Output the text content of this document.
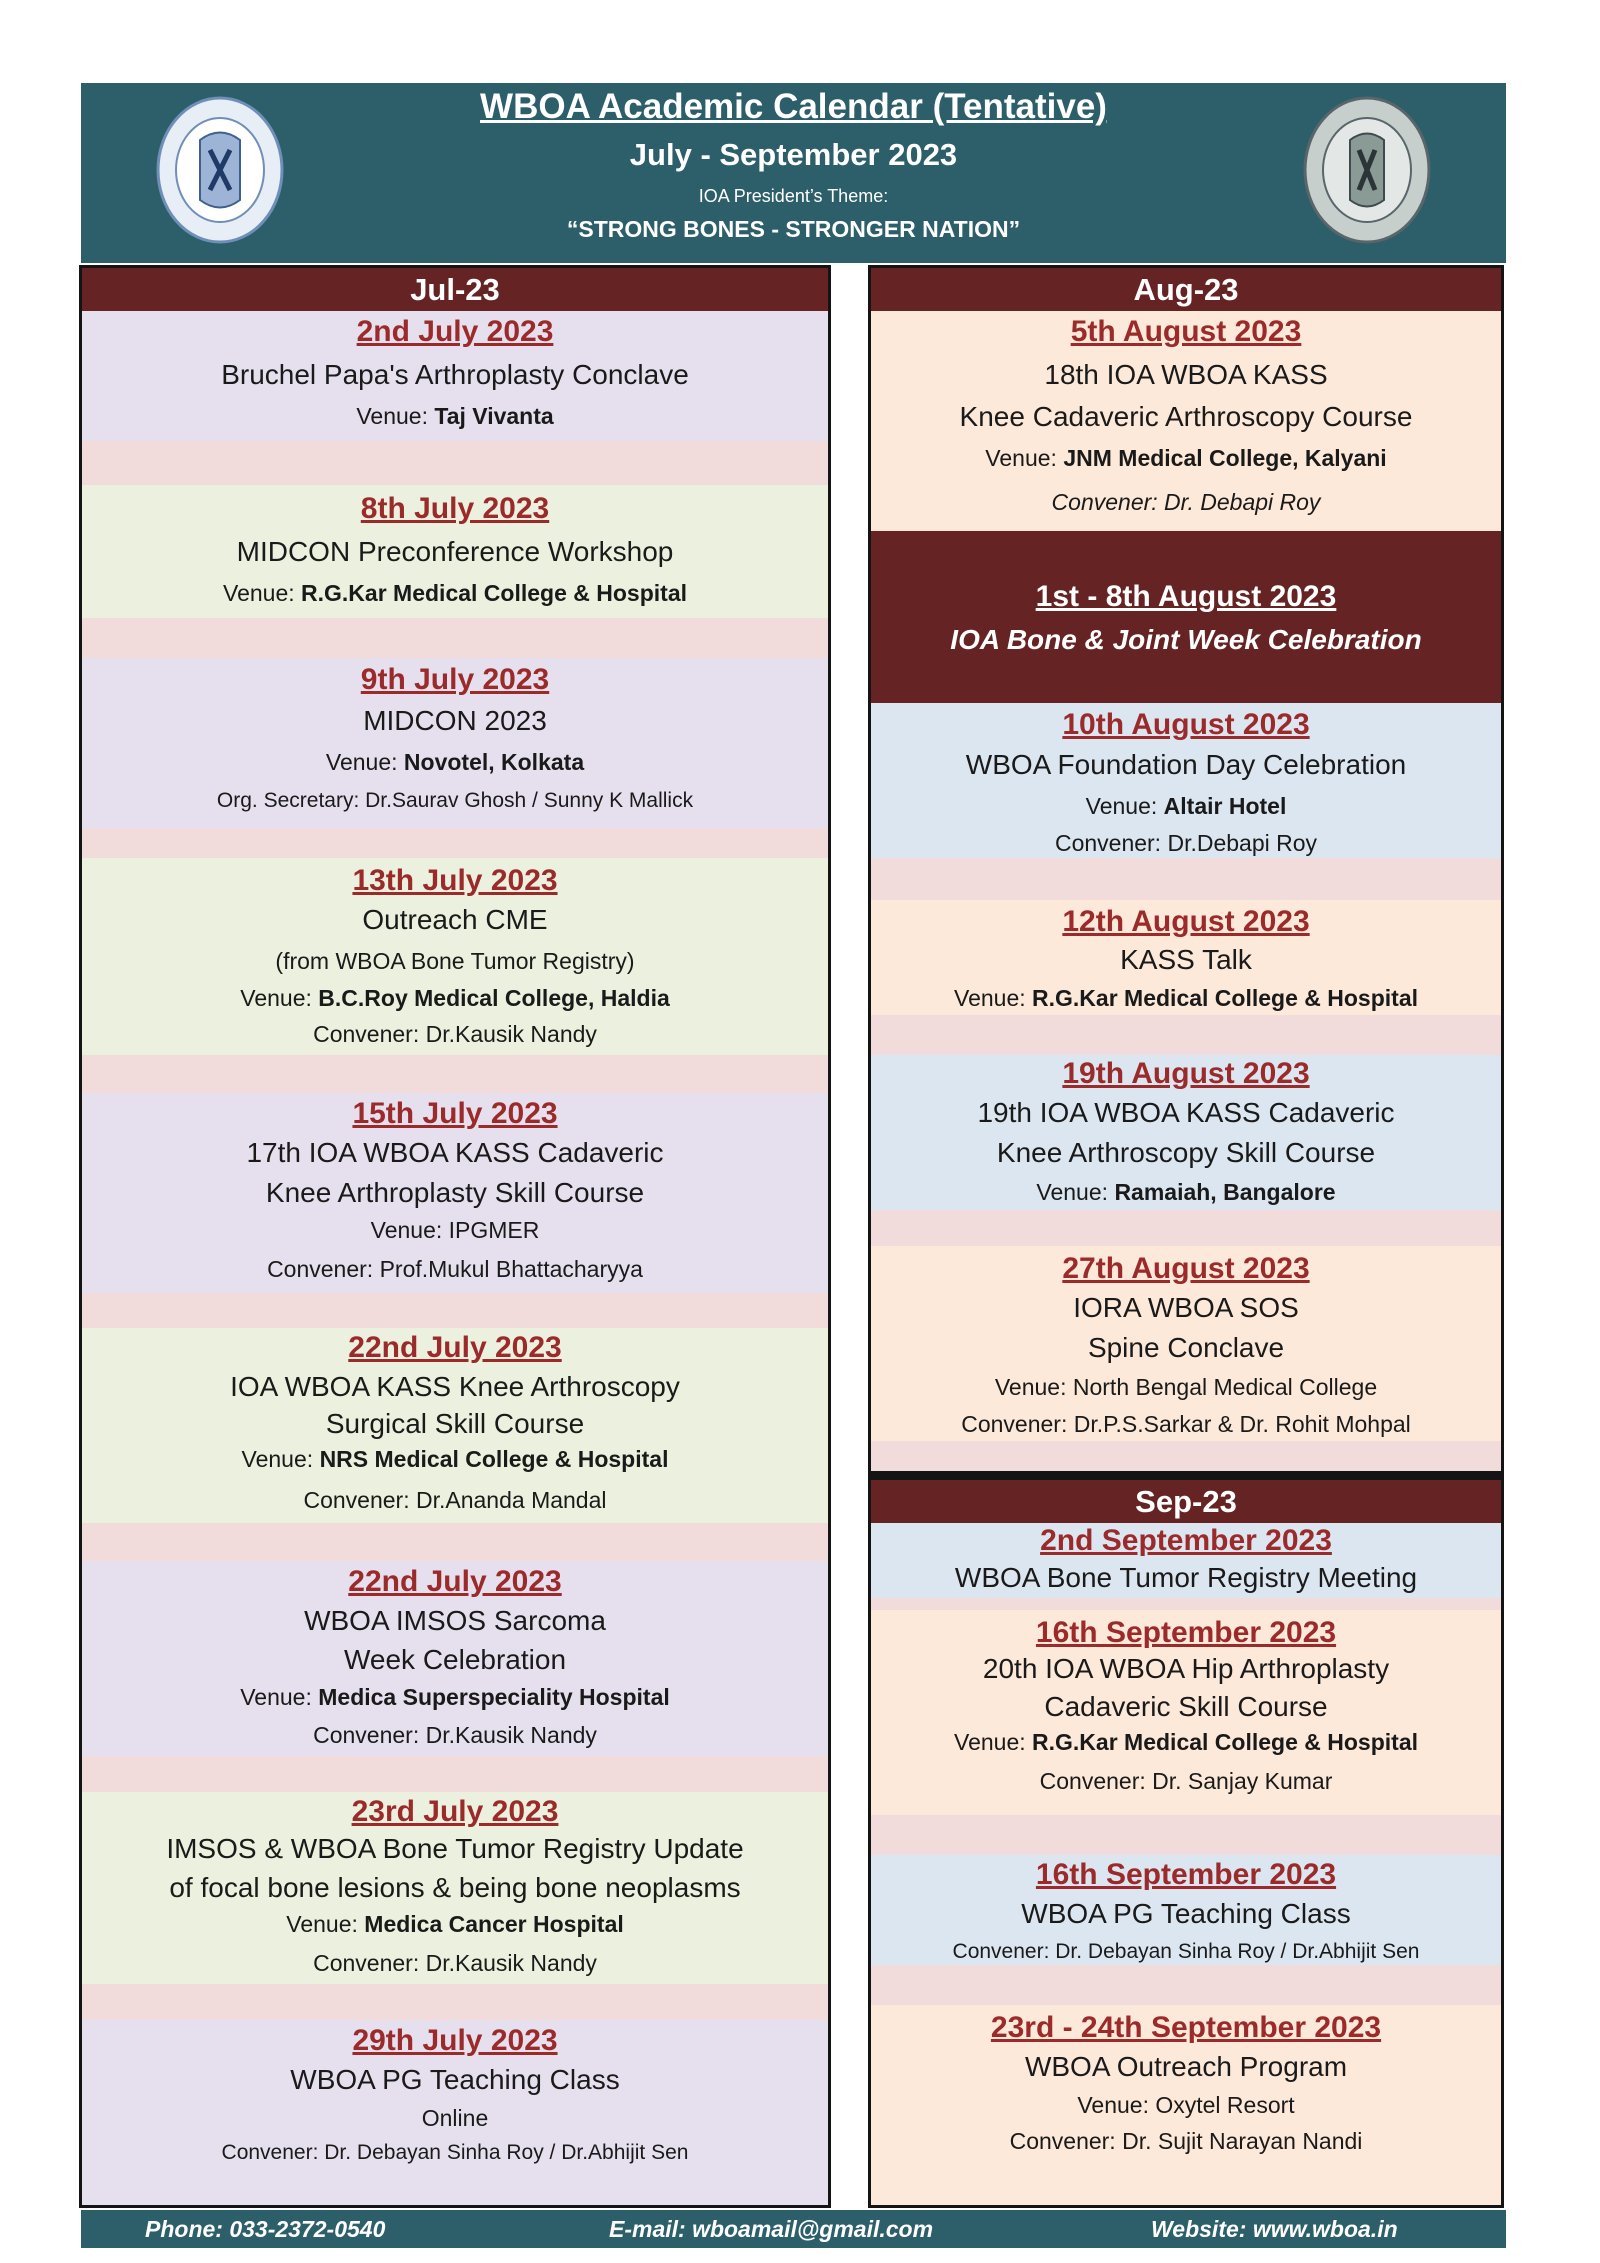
WBOA Academic Calendar (Tentative)
July - September 2023
IOA President’s Theme:
“STRONG BONES - STRONGER NATION”
Jul-23
2nd July 2023
Bruchel Papa's Arthroplasty Conclave
Venue: Taj Vivanta
8th July 2023
MIDCON Preconference Workshop
Venue: R.G.Kar Medical College & Hospital
9th July 2023
MIDCON 2023
Venue: Novotel, Kolkata
Org. Secretary: Dr.Saurav Ghosh / Sunny K Mallick
13th July 2023
Outreach CME
(from WBOA Bone Tumor Registry)
Venue: B.C.Roy Medical College, Haldia
Convener: Dr.Kausik Nandy
15th July 2023
17th IOA WBOA KASS Cadaveric
Knee Arthroplasty Skill Course
Venue: IPGMER
Convener: Prof.Mukul Bhattacharyya
22nd July 2023
IOA WBOA KASS Knee Arthroscopy
Surgical Skill Course
Venue: NRS Medical College & Hospital
Convener: Dr.Ananda Mandal
22nd July 2023
WBOA IMSOS Sarcoma
Week Celebration
Venue: Medica Superspeciality Hospital
Convener: Dr.Kausik Nandy
23rd July 2023
IMSOS & WBOA Bone Tumor Registry Update
of focal bone lesions & being bone neoplasms
Venue: Medica Cancer Hospital
Convener: Dr.Kausik Nandy
29th July 2023
WBOA PG Teaching Class
Online
Convener: Dr. Debayan Sinha Roy / Dr.Abhijit Sen
Aug-23
Sep-23
5th August 2023
18th IOA WBOA KASS
Knee Cadaveric Arthroscopy Course
Venue: JNM Medical College, Kalyani
Convener: Dr. Debapi Roy
1st - 8th August 2023
IOA Bone & Joint Week Celebration
10th August 2023
WBOA Foundation Day Celebration
Venue: Altair Hotel
Convener: Dr.Debapi Roy
12th August 2023
KASS Talk
Venue: R.G.Kar Medical College & Hospital
19th August 2023
19th IOA WBOA KASS Cadaveric
Knee Arthroscopy Skill Course
Venue: Ramaiah, Bangalore
27th August 2023
IORA WBOA SOS
Spine Conclave
Venue: North Bengal Medical College
Convener: Dr.P.S.Sarkar & Dr. Rohit Mohpal
2nd September 2023
WBOA Bone Tumor Registry Meeting
16th September 2023
20th IOA WBOA Hip Arthroplasty
Cadaveric Skill Course
Venue: R.G.Kar Medical College & Hospital
Convener: Dr. Sanjay Kumar
16th September 2023
WBOA PG Teaching Class
Convener: Dr. Debayan Sinha Roy / Dr.Abhijit Sen
23rd - 24th September 2023
WBOA Outreach Program
Venue: Oxytel Resort
Convener: Dr. Sujit Narayan Nandi
Phone: 033-2372-0540	E-mail: wboamail@gmail.com	Website: www.wboa.in
